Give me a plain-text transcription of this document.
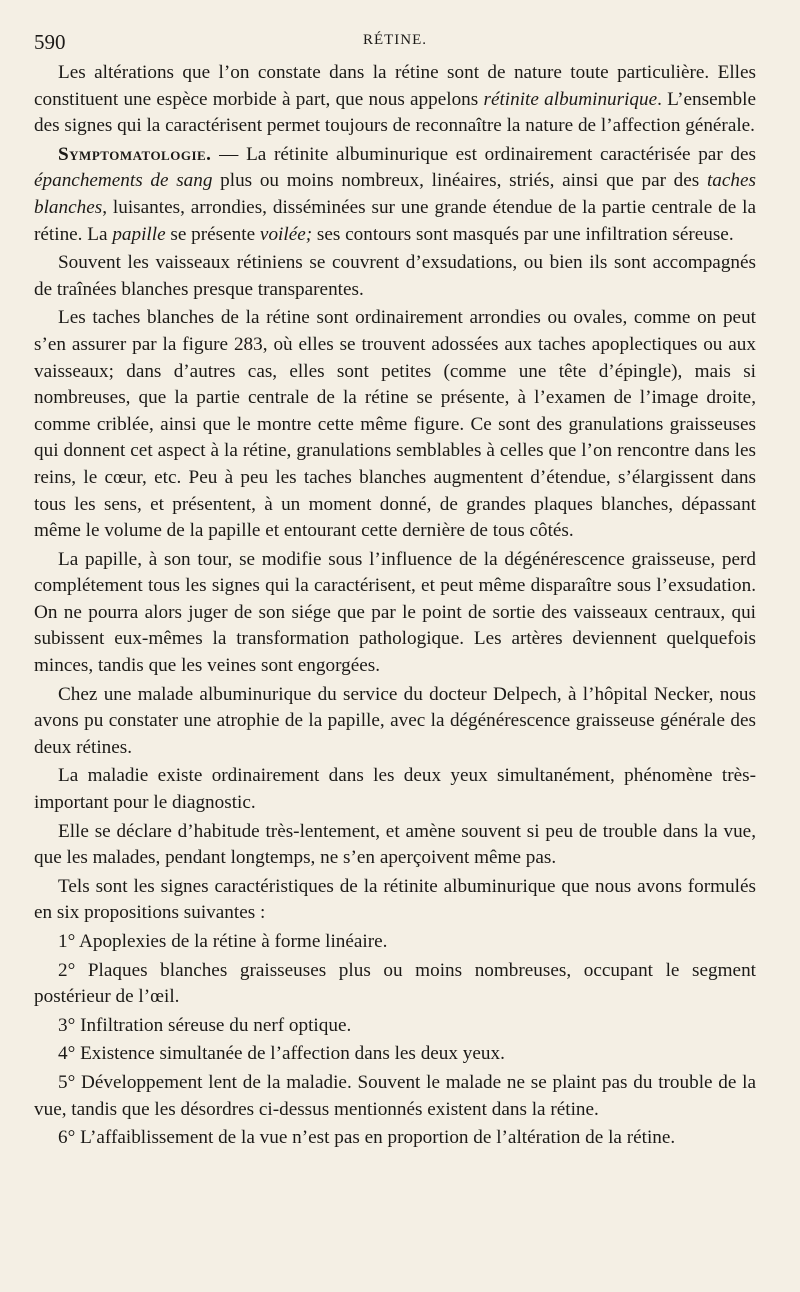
590	RÉTINE.

Les altérations que l’on constate dans la rétine sont de nature toute particulière. Elles constituent une espèce morbide à part, que nous appelons rétinite albuminurique. L’ensemble des signes qui la caractérisent permet toujours de reconnaître la nature de l’affection générale.

Symptomatologie. — La rétinite albuminurique est ordinairement caractérisée par des épanchements de sang plus ou moins nombreux, linéaires, striés, ainsi que par des taches blanches, luisantes, arrondies, disséminées sur une grande étendue de la partie centrale de la rétine. La papille se présente voilée; ses contours sont masqués par une infiltration séreuse.

Souvent les vaisseaux rétiniens se couvrent d’exsudations, ou bien ils sont accompagnés de traînées blanches presque transparentes.

Les taches blanches de la rétine sont ordinairement arrondies ou ovales, comme on peut s’en assurer par la figure 283, où elles se trouvent adossées aux taches apoplectiques ou aux vaisseaux; dans d’autres cas, elles sont petites (comme une tête d’épingle), mais si nombreuses, que la partie centrale de la rétine se présente, à l’examen de l’image droite, comme criblée, ainsi que le montre cette même figure. Ce sont des granulations graisseuses qui donnent cet aspect à la rétine, granulations semblables à celles que l’on rencontre dans les reins, le cœur, etc. Peu à peu les taches blanches augmentent d’étendue, s’élargissent dans tous les sens, et présentent, à un moment donné, de grandes plaques blanches, dépassant même le volume de la papille et entourant cette dernière de tous côtés.

La papille, à son tour, se modifie sous l’influence de la dégénérescence graisseuse, perd complétement tous les signes qui la caractérisent, et peut même disparaître sous l’exsudation. On ne pourra alors juger de son siége que par le point de sortie des vaisseaux centraux, qui subissent eux-mêmes la transformation pathologique. Les artères deviennent quelquefois minces, tandis que les veines sont engorgées.

Chez une malade albuminurique du service du docteur Delpech, à l’hôpital Necker, nous avons pu constater une atrophie de la papille, avec la dégénérescence graisseuse générale des deux rétines.

La maladie existe ordinairement dans les deux yeux simultanément, phénomène très-important pour le diagnostic.

Elle se déclare d’habitude très-lentement, et amène souvent si peu de trouble dans la vue, que les malades, pendant longtemps, ne s’en aperçoivent même pas.

Tels sont les signes caractéristiques de la rétinite albuminurique que nous avons formulés en six propositions suivantes :

1° Apoplexies de la rétine à forme linéaire.

2° Plaques blanches graisseuses plus ou moins nombreuses, occupant le segment postérieur de l’œil.

3° Infiltration séreuse du nerf optique.

4° Existence simultanée de l’affection dans les deux yeux.

5° Développement lent de la maladie. Souvent le malade ne se plaint pas du trouble de la vue, tandis que les désordres ci-dessus mentionnés existent dans la rétine.

6° L’affaiblissement de la vue n’est pas en proportion de l’altération de la rétine.
